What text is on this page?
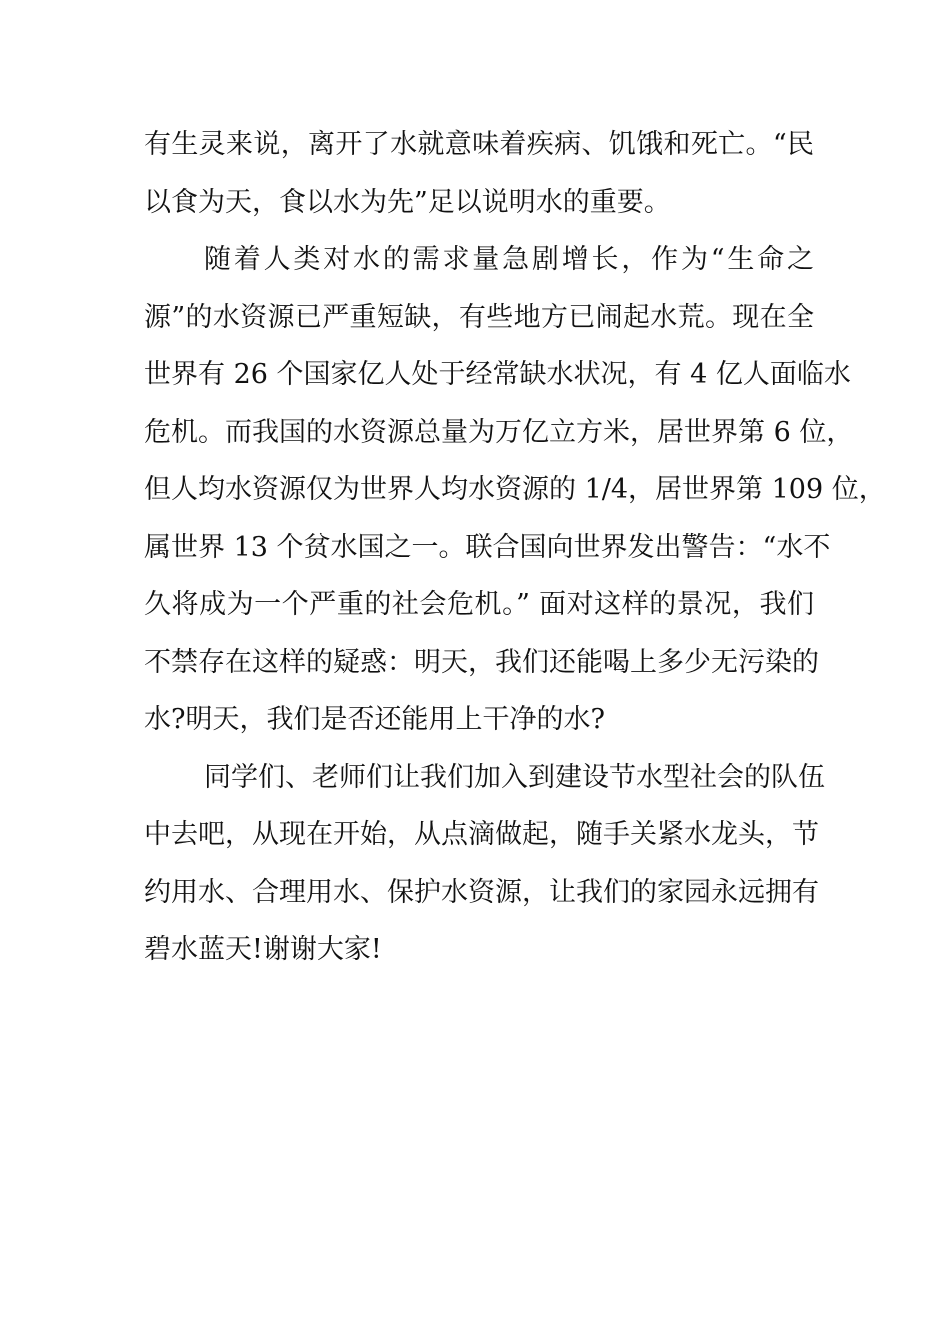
有生灵来说，离开了水就意味着疾病、饥饿和死亡。“民
以食为天，食以水为先”足以说明水的重要。
随着人类对水的需求量急剧增长，作为“生命之
源”的水资源已严重短缺，有些地方已闹起水荒。现在全
世界有 26 个国家亿人处于经常缺水状况，有 4 亿人面临水
危机。而我国的水资源总量为万亿立方米，居世界第 6 位，
但人均水资源仅为世界人均水资源的 1/4，居世界第 109 位，
属世界 13 个贫水国之一。联合国向世界发出警告：“水不
久将成为一个严重的社会危机。” 面对这样的景况，我们
不禁存在这样的疑惑：明天，我们还能喝上多少无污染的
水?明天，我们是否还能用上干净的水?
同学们、老师们让我们加入到建设节水型社会的队伍
中去吧，从现在开始，从点滴做起，随手关紧水龙头，节
约用水、合理用水、保护水资源，让我们的家园永远拥有
碧水蓝天!谢谢大家!
